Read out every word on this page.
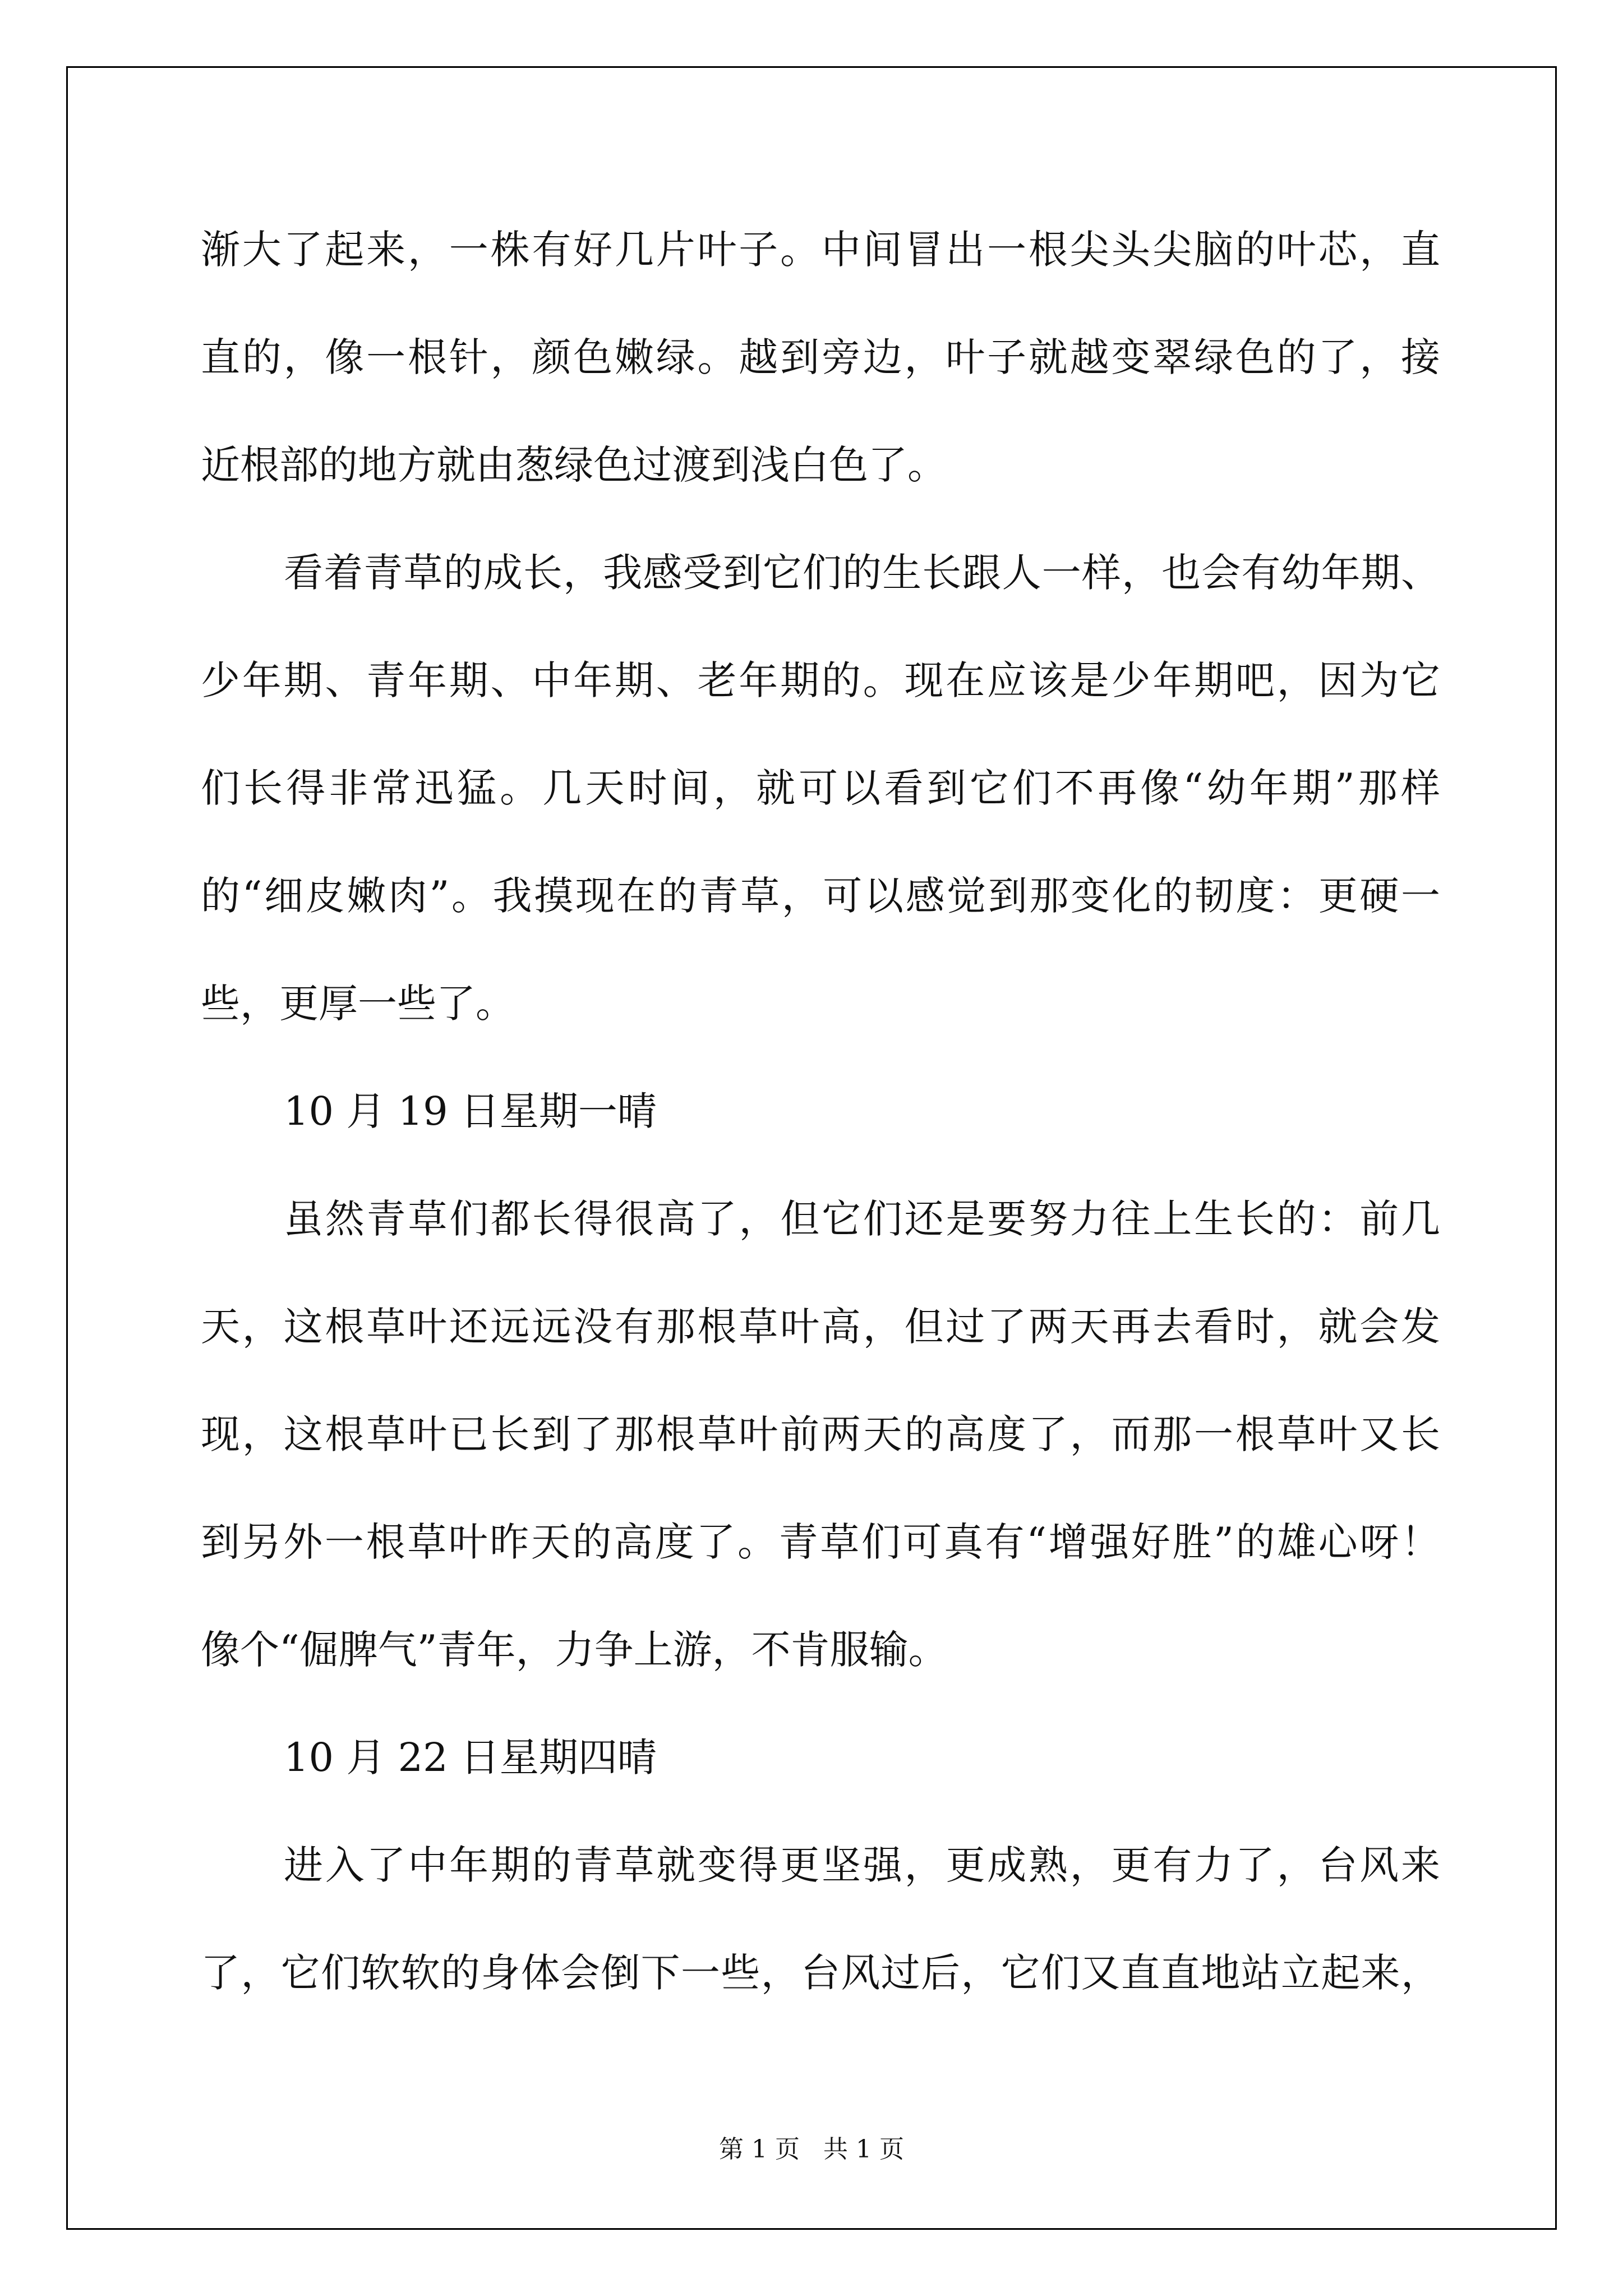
渐大了起来，一株有好几片叶子。中间冒出一根尖头尖脑的叶芯，直
直的，像一根针，颜色嫩绿。越到旁边，叶子就越变翠绿色的了，接
近根部的地方就由葱绿色过渡到浅白色了。
看着青草的成长，我感受到它们的生长跟人一样，也会有幼年期、
少年期、青年期、中年期、老年期的。现在应该是少年期吧，因为它
们长得非常迅猛。几天时间，就可以看到它们不再像“幼年期”那样
的“细皮嫩肉”。我摸现在的青草，可以感觉到那变化的韧度：更硬一
些，更厚一些了。
10 月 19 日星期一晴
虽然青草们都长得很高了，但它们还是要努力往上生长的：前几
天，这根草叶还远远没有那根草叶高，但过了两天再去看时，就会发
现，这根草叶已长到了那根草叶前两天的高度了，而那一根草叶又长
到另外一根草叶昨天的高度了。青草们可真有“增强好胜”的雄心呀！
像个“倔脾气”青年，力争上游，不肯服输。
10 月 22 日星期四晴
进入了中年期的青草就变得更坚强，更成熟，更有力了，台风来
了，它们软软的身体会倒下一些，台风过后，它们又直直地站立起来，
第 1 页   共 1 页
